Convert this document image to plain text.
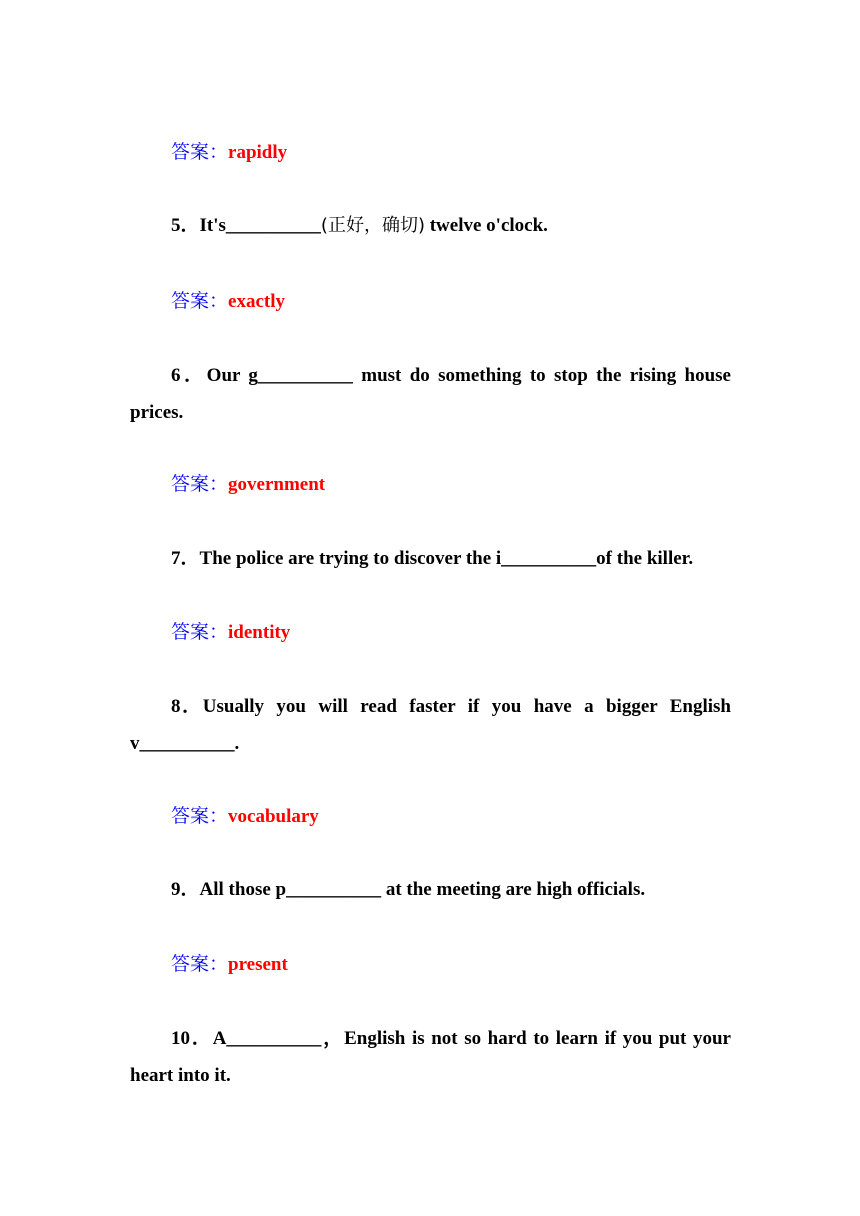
答案：rapidly
5．It's__________(正好，确切) twelve o'clock.
答案：exactly
6．Our g__________ must do something to stop the rising house prices.
答案：government
7．The police are trying to discover the i__________of the killer.
答案：identity
8．Usually you will read faster if you have a bigger English v__________.
答案：vocabulary
9．All those p__________ at the meeting are high officials.
答案：present
10．A__________，English is not so hard to learn if you put your heart into it.
